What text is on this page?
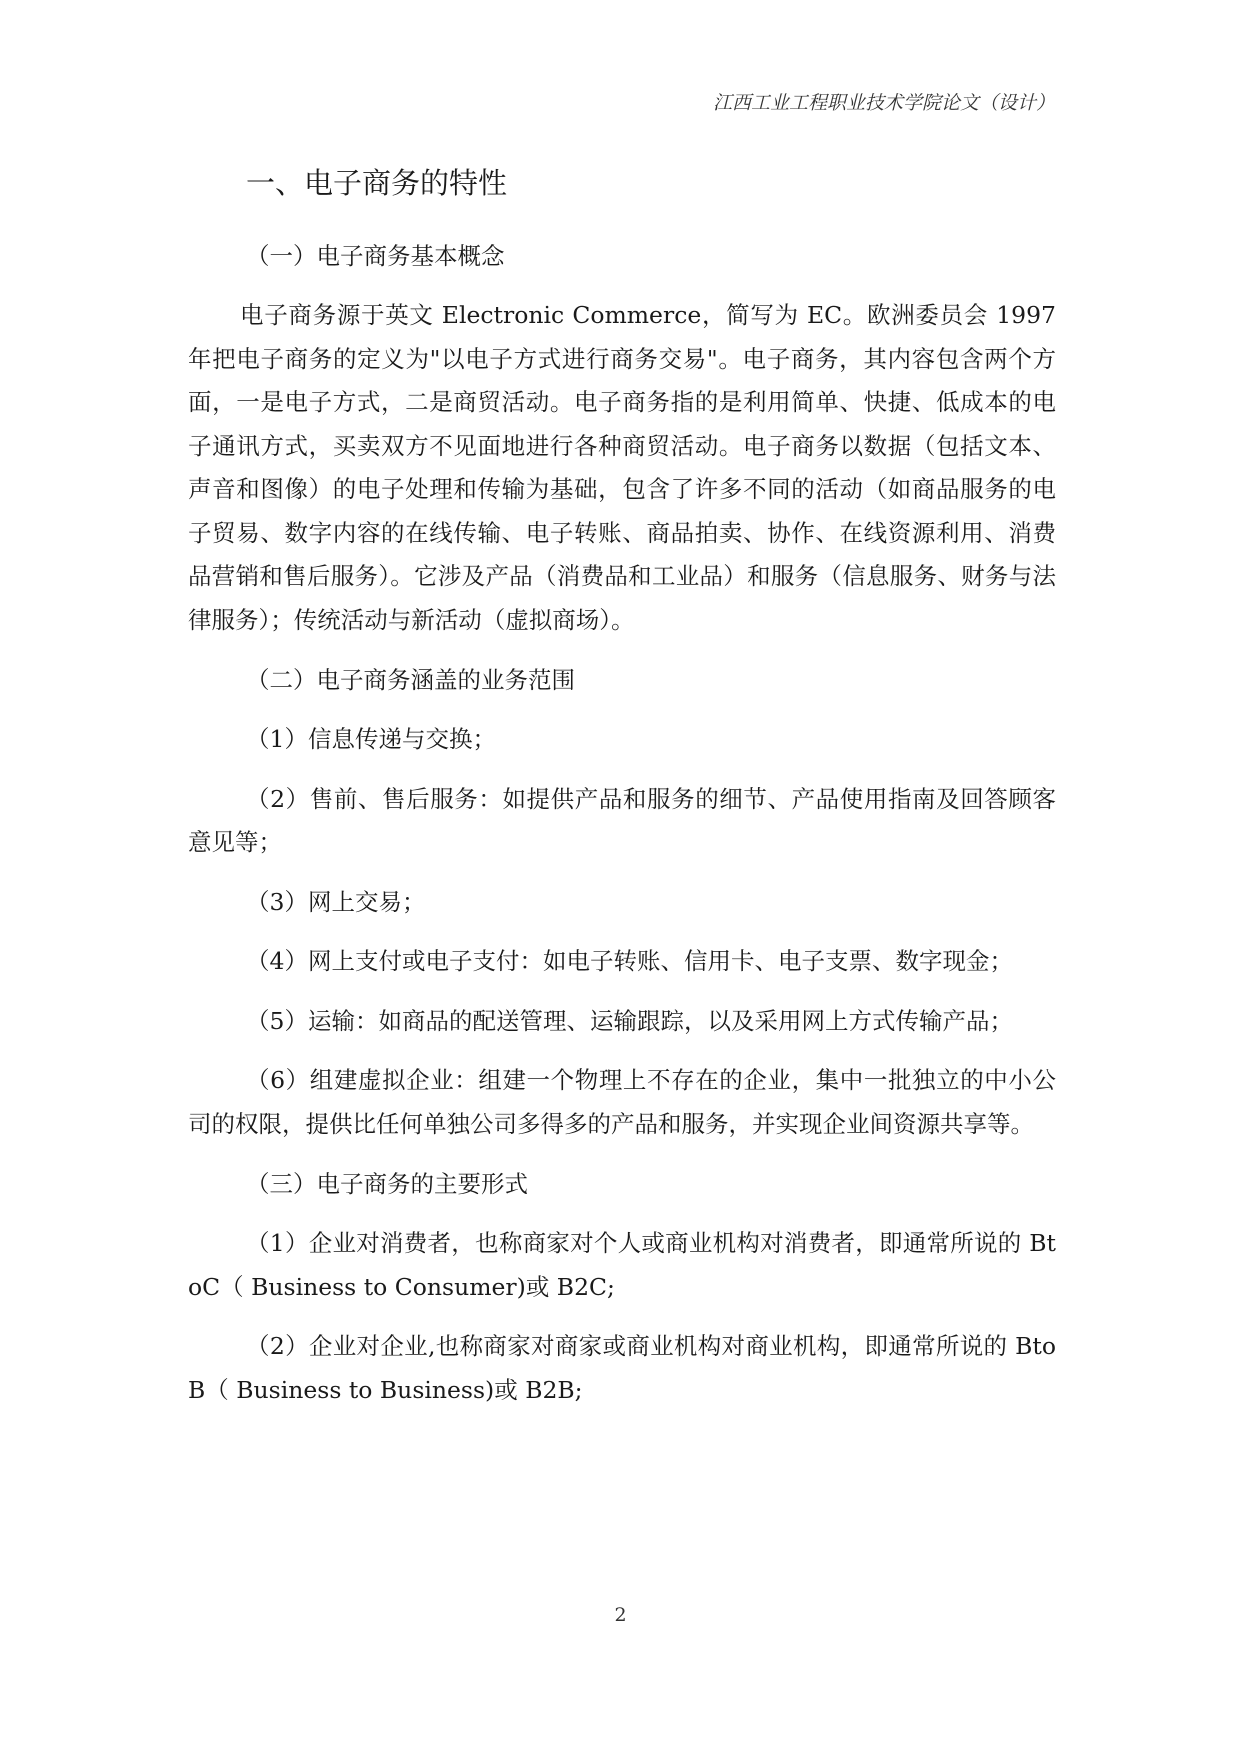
江西工业工程职业技术学院论文（设计）
一、电子商务的特性
（一）电子商务基本概念

电子商务源于英文 Electronic Commerce，简写为 EC。欧洲委员会 1997 年把电子商务的定义为"以电子方式进行商务交易"。电子商务，其内容包含两个方面，一是电子方式，二是商贸活动。电子商务指的是利用简单、快捷、低成本的电子通讯方式，买卖双方不见面地进行各种商贸活动。电子商务以数据（包括文本、声音和图像）的电子处理和传输为基础，包含了许多不同的活动（如商品服务的电子贸易、数字内容的在线传输、电子转账、商品拍卖、协作、在线资源利用、消费品营销和售后服务）。它涉及产品（消费品和工业品）和服务（信息服务、财务与法律服务）；传统活动与新活动（虚拟商场）。

（二）电子商务涵盖的业务范围

（1）信息传递与交换；

（2）售前、售后服务：如提供产品和服务的细节、产品使用指南及回答顾客意见等；

（3）网上交易；

（4）网上支付或电子支付：如电子转账、信用卡、电子支票、数字现金；

（5）运输：如商品的配送管理、运输跟踪，以及采用网上方式传输产品；

（6）组建虚拟企业：组建一个物理上不存在的企业，集中一批独立的中小公司的权限，提供比任何单独公司多得多的产品和服务，并实现企业间资源共享等。

（三）电子商务的主要形式

（1）企业对消费者，也称商家对个人或商业机构对消费者，即通常所说的 BtoC（ Business to Consumer)或 B2C;

（2）企业对企业,也称商家对商家或商业机构对商业机构，即通常所说的 BtoB（ Business to Business)或 B2B;

2
